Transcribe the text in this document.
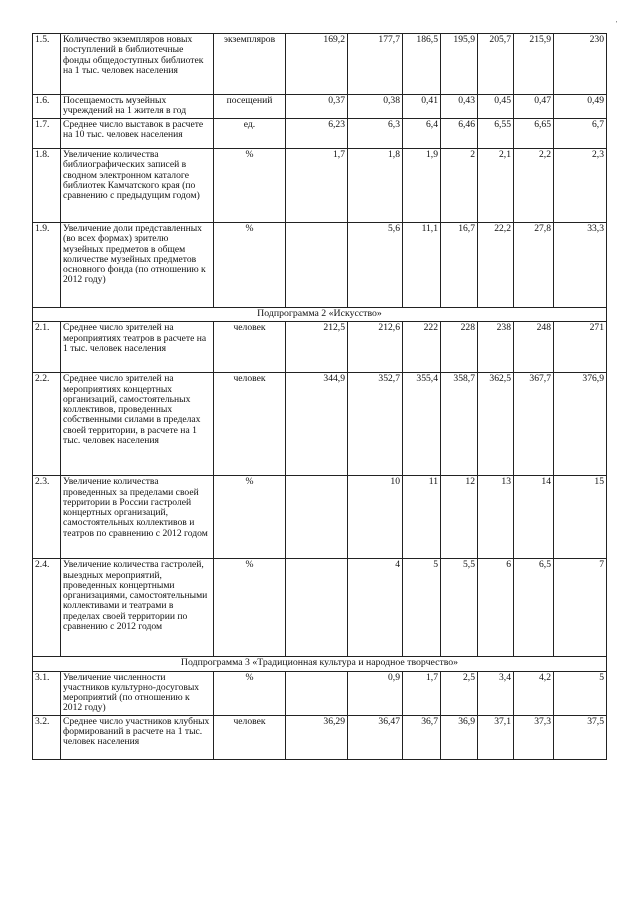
'
1.5.	Количество экземпляров новых поступлений в библиотечные фонды общедоступных библиотек на 1 тыс. человек населения	экземпляров	169,2	177,7	186,5	195,9	205,7	215,9	230
1.6.	Посещаемость музейных учреждений на 1 жителя в год	посещений	0,37	0,38	0,41	0,43	0,45	0,47	0,49
1.7.	Среднее число выставок в расчете на 10 тыс. человек населения	ед.	6,23	6,3	6,4	6,46	6,55	6,65	6,7
1.8.	Увеличение количества библиографических записей в сводном электронном каталоге библиотек Камчатского края (по сравнению с предыдущим годом)	%	1,7	1,8	1,9	2	2,1	2,2	2,3
1.9.	Увеличение доли представленных (во всех формах) зрителю музейных предметов в общем количестве музейных предметов основного фонда (по отношению к 2012 году)	%		5,6	11,1	16,7	22,2	27,8	33,3
Подпрограмма 2 «Искусство»									
2.1.	Среднее число зрителей на мероприятиях театров в расчете на 1 тыс. человек населения	человек	212,5	212,6	222	228	238	248	271
2.2.	Среднее число зрителей на мероприятиях концертных организаций, самостоятельных коллективов, проведенных собственными силами в пределах своей территории, в расчете на 1 тыс. человек населения	человек	344,9	352,7	355,4	358,7	362,5	367,7	376,9
2.3.	Увеличение количества проведенных за пределами своей территории в России гастролей концертных организаций, самостоятельных коллективов и театров по сравнению с 2012 годом	%		10	11	12	13	14	15
2.4.	Увеличение количества гастролей, выездных мероприятий, проведенных концертными организациями, самостоятельными коллективами и театрами в пределах своей территории по сравнению с 2012 годом	%		4	5	5,5	6	6,5	7
Подпрограмма 3 «Традиционная культура и народное творчество»									
3.1.	Увеличение численности участников культурно-досуговых мероприятий (по отношению к 2012 году)	%		0,9	1,7	2,5	3,4	4,2	5
3.2.	Среднее число участников клубных формирований в расчете на 1 тыс. человек населения	человек	36,29	36,47	36,7	36,9	37,1	37,3	37,5
